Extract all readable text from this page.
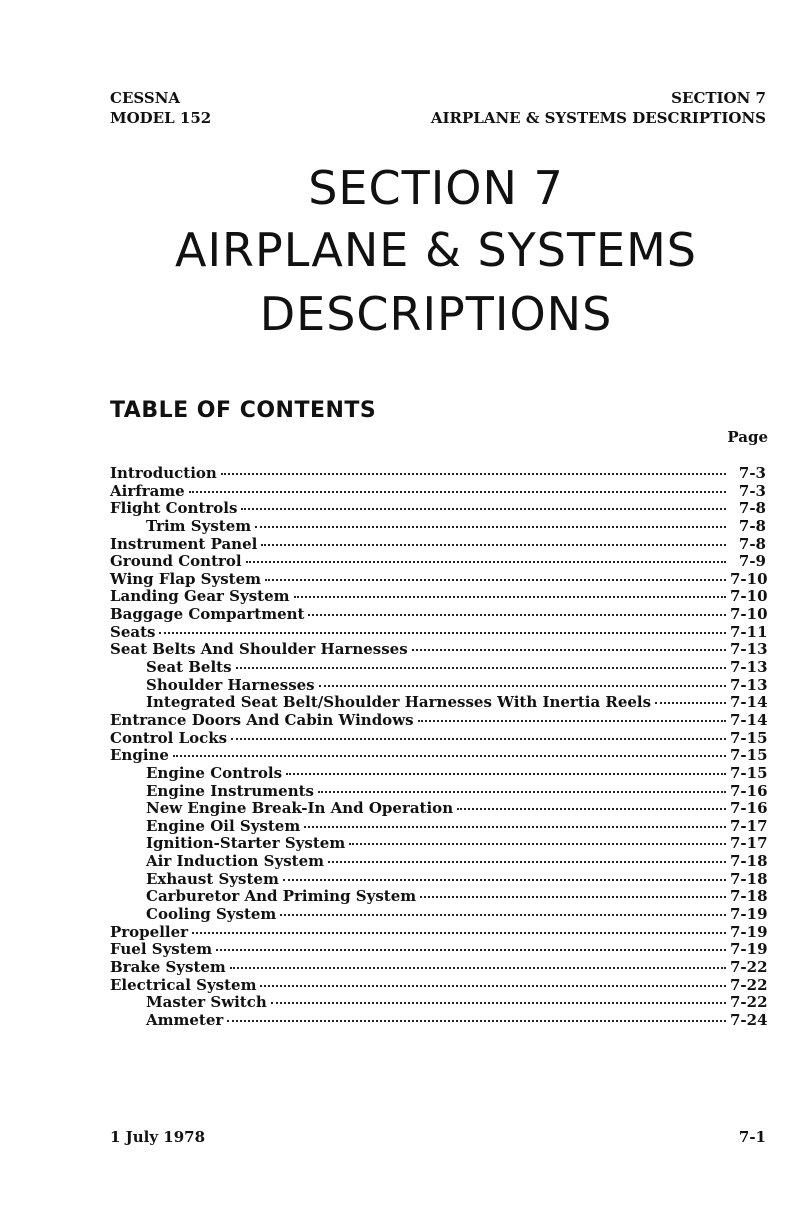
CESSNA
MODEL 152
SECTION 7
AIRPLANE & SYSTEMS DESCRIPTIONS
SECTION 7
AIRPLANE & SYSTEMS
DESCRIPTIONS
TABLE OF CONTENTS
Page
Introduction	7-3
Airframe	7-3
Flight Controls	7-8
Trim System	7-8
Instrument Panel	7-8
Ground Control	7-9
Wing Flap System	7-10
Landing Gear System	7-10
Baggage Compartment	7-10
Seats	7-11
Seat Belts And Shoulder Harnesses	7-13
Seat Belts	7-13
Shoulder Harnesses	7-13
Integrated Seat Belt/Shoulder Harnesses With Inertia Reels	7-14
Entrance Doors And Cabin Windows	7-14
Control Locks	7-15
Engine	7-15
Engine Controls	7-15
Engine Instruments	7-16
New Engine Break-In And Operation	7-16
Engine Oil System	7-17
Ignition-Starter System	7-17
Air Induction System	7-18
Exhaust System	7-18
Carburetor And Priming System	7-18
Cooling System	7-19
Propeller	7-19
Fuel System	7-19
Brake System	7-22
Electrical System	7-22
Master Switch	7-22
Ammeter	7-24
1 July 1978	7-1
